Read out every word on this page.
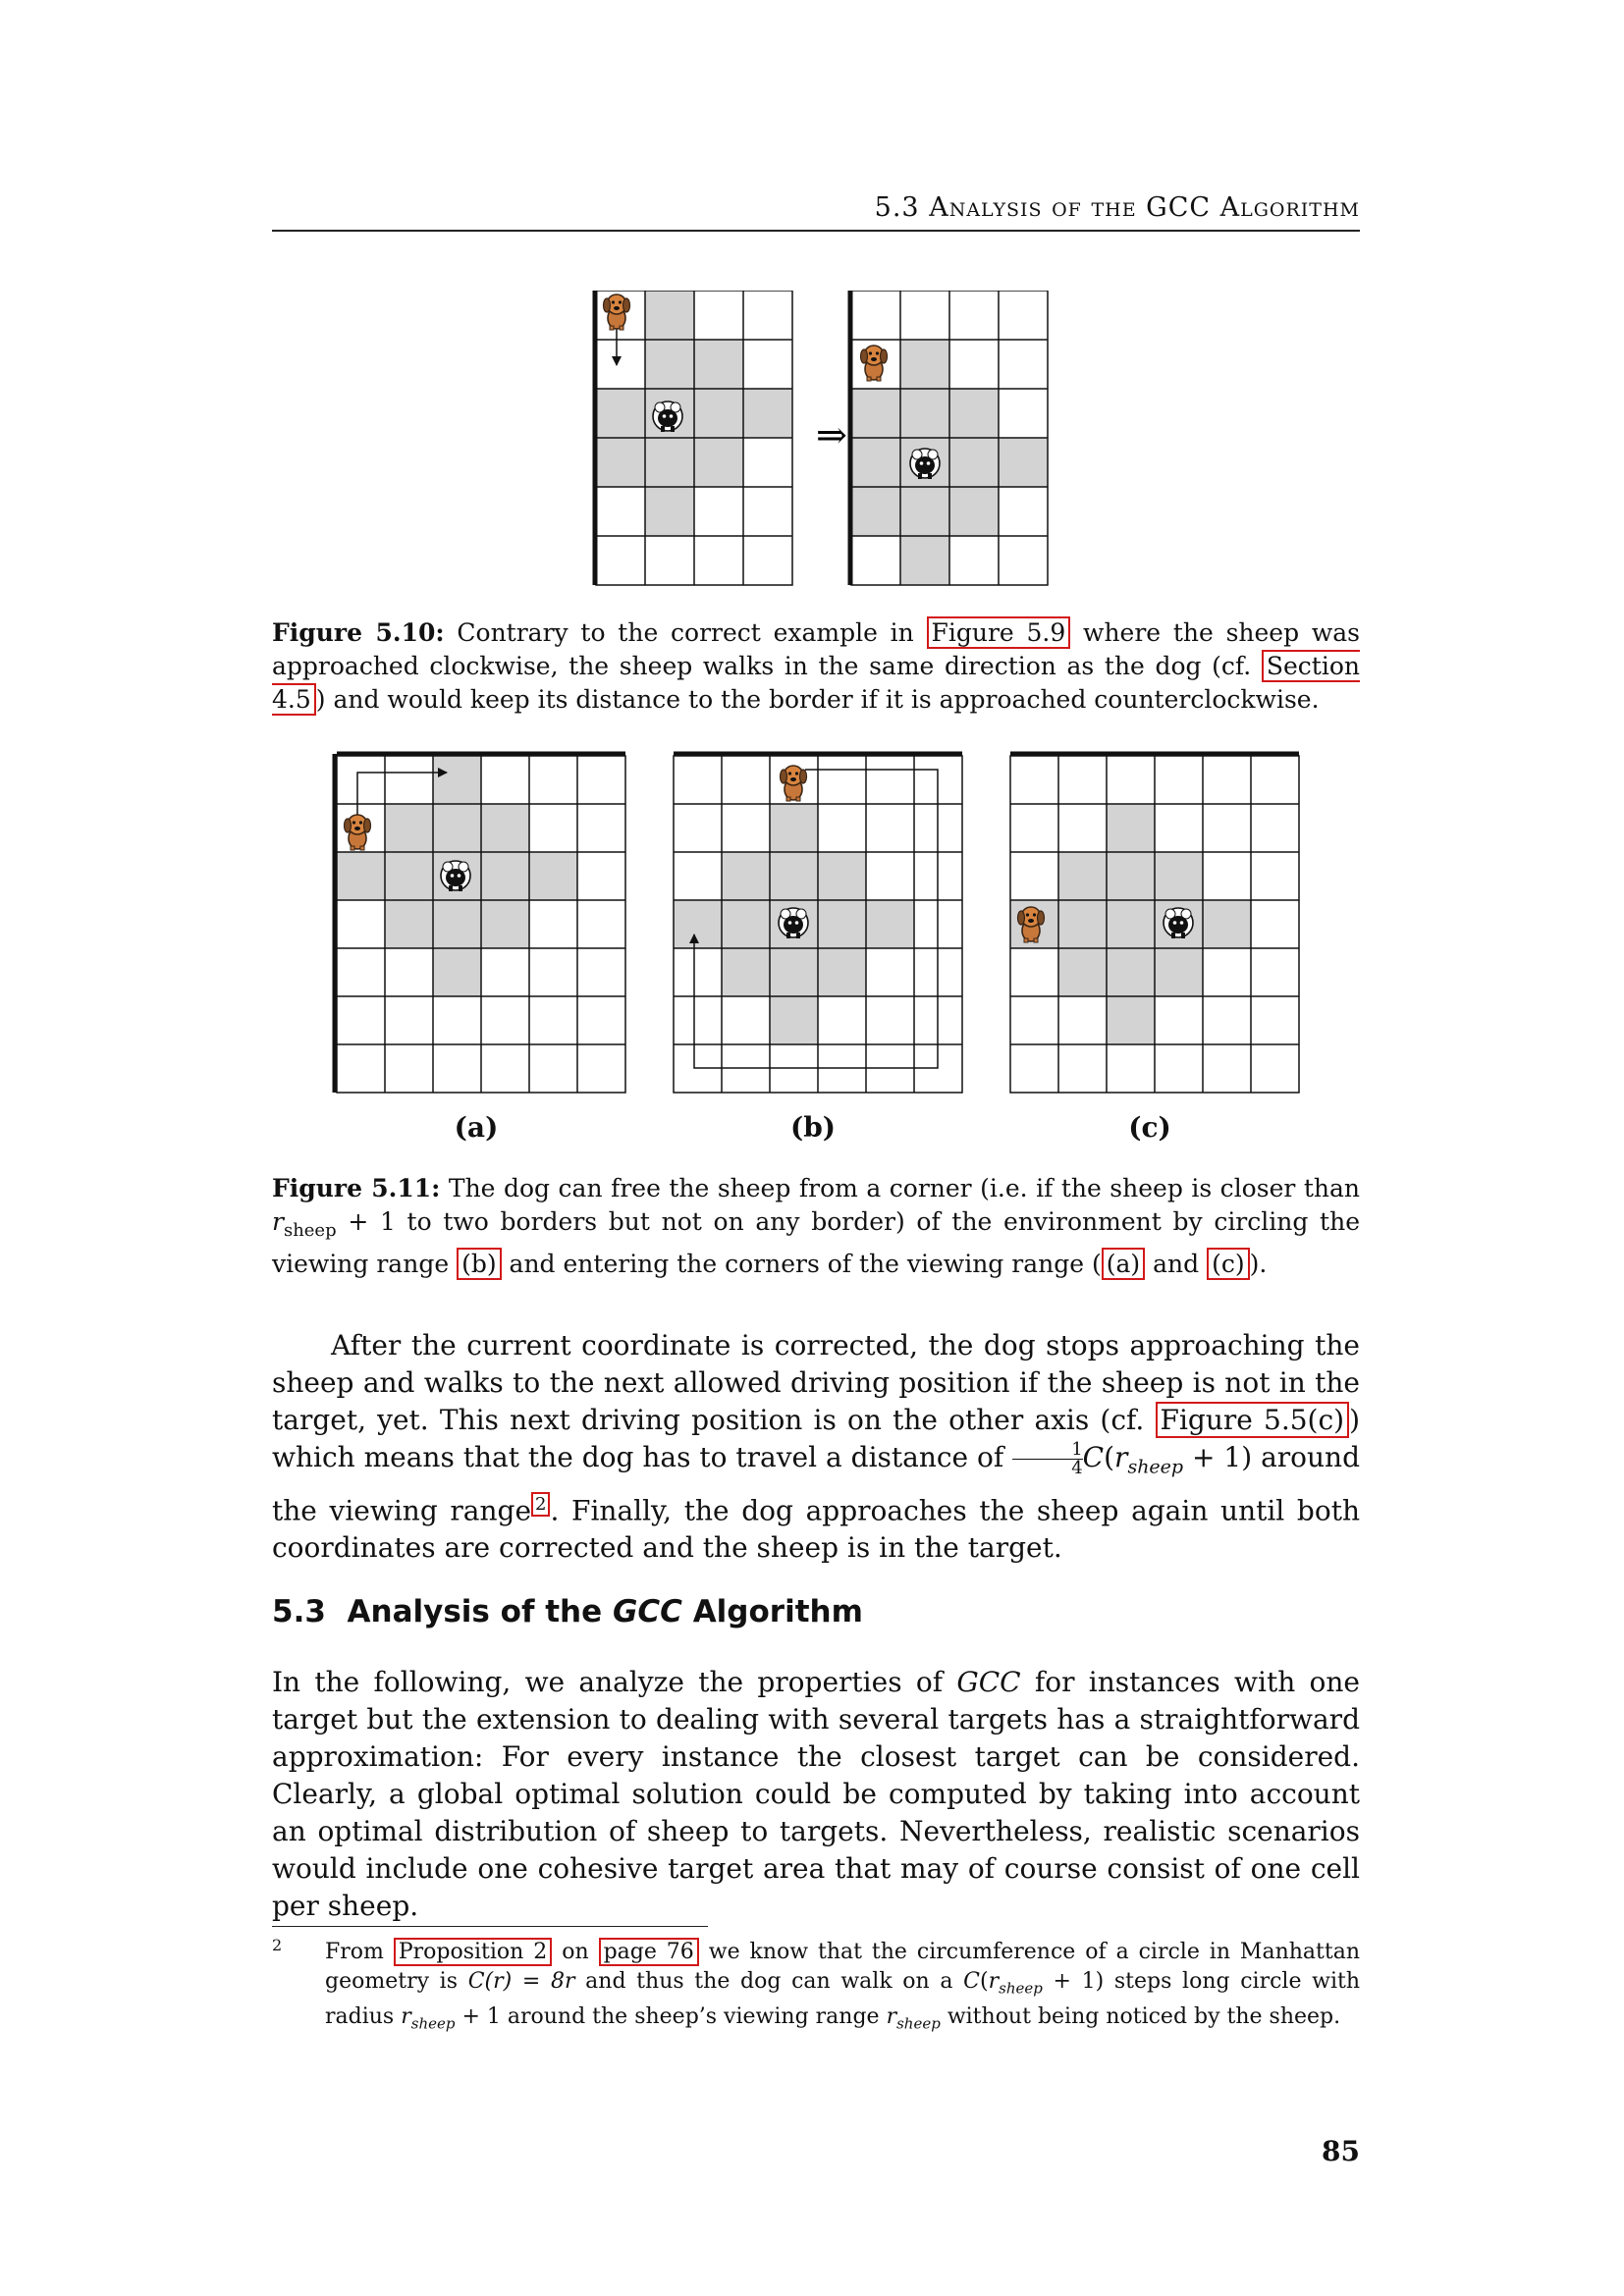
5.3 Analysis of the GCC Algorithm
⇒
Figure 5.10: Contrary to the correct example in Figure 5.9 where the sheep was approached clockwise, the sheep walks in the same direction as the dog (cf. Section 4.5 ) and would keep its distance to the border if it is approached counterclockwise.
(a)	(b)	(c)
Figure 5.11: The dog can free the sheep from a corner (i.e. if the sheep is closer than $r_{sheep} + 1$ to two borders but not on any border) of the environment by circling the viewing range (b) and entering the corners of the viewing range ( (a) and (c) ).
After the current coordinate is corrected, the dog stops approaching the sheep and walks to the next allowed driving position if the sheep is not in the target, yet. This next driving position is on the other axis (cf. Figure 5.5(c) ) which means that the dog has to travel a distance of $\frac{1}{4} C(r_{sheep} + 1)$ around the viewing range $^2$ . Finally, the dog approaches the sheep again until both coordinates are corrected and the sheep is in the target.
5.3 Analysis of the GCC Algorithm
In the following, we analyze the properties of GCC for instances with one target but the extension to dealing with several targets has a straightforward approximation: For every instance the closest target can be considered. Clearly, a global optimal solution could be computed by taking into account an optimal distribution of sheep to targets. Nevertheless, realistic scenarios would include one cohesive target area that may of course consist of one cell per sheep.
2 From Proposition 2 on page 76 we know that the circumference of a circle in Manhattan geometry is C(r) = 8r and thus the dog can walk on a $C(r_{sheep} + 1)$ steps long circle with radius $r_{sheep} + 1$ around the sheep’s viewing range $r_{sheep}$ without being noticed by the sheep.
85
